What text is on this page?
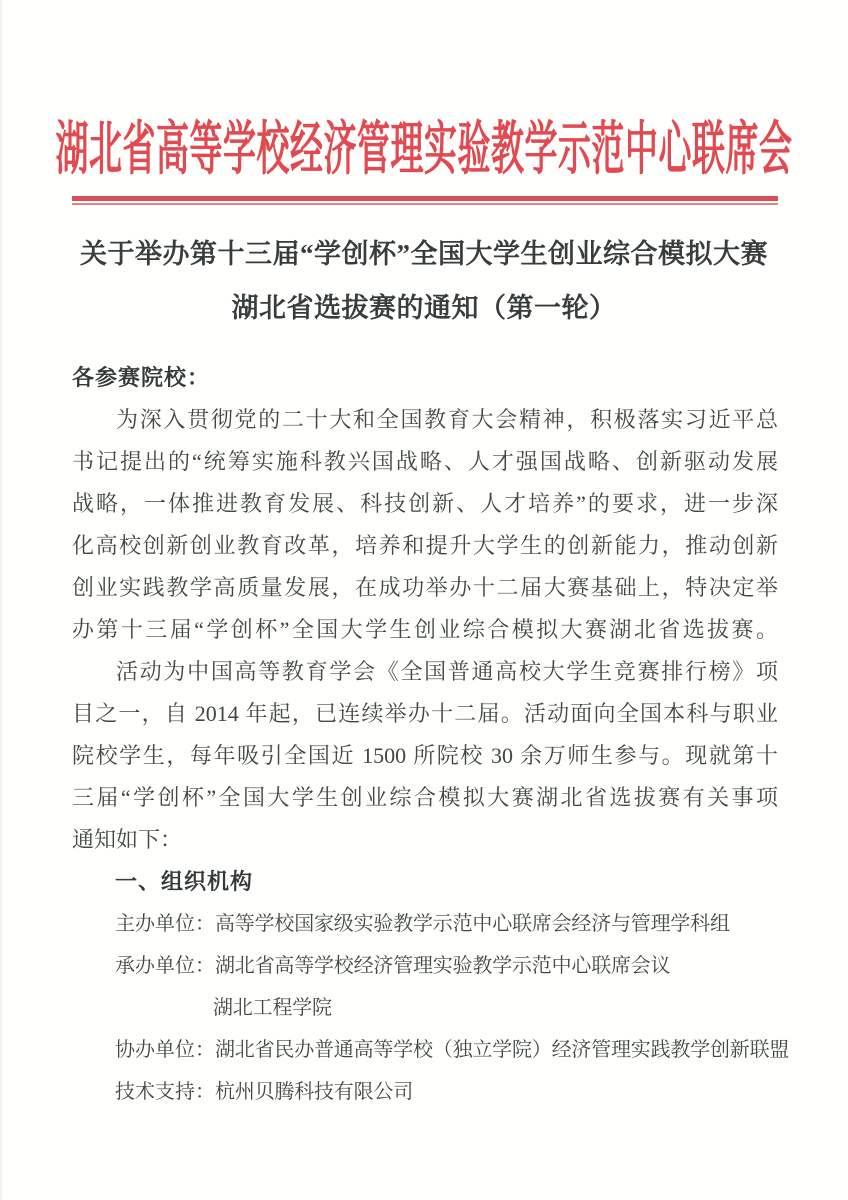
湖北省高等学校经济管理实验教学示范中心联席会
关于举办第十三届“学创杯”全国大学生创业综合模拟大赛
湖北省选拔赛的通知（第一轮）
各参赛院校：
为深入贯彻党的二十大和全国教育大会精神，积极落实习近平总
书记提出的“统筹实施科教兴国战略、人才强国战略、创新驱动发展
战略，一体推进教育发展、科技创新、人才培养”的要求，进一步深
化高校创新创业教育改革，培养和提升大学生的创新能力，推动创新
创业实践教学高质量发展，在成功举办十二届大赛基础上，特决定举
办第十三届“学创杯”全国大学生创业综合模拟大赛湖北省选拔赛。
活动为中国高等教育学会《全国普通高校大学生竞赛排行榜》项
目之一，自 2014 年起，已连续举办十二届。活动面向全国本科与职业
院校学生，每年吸引全国近 1500 所院校 30 余万师生参与。现就第十
三届“学创杯”全国大学生创业综合模拟大赛湖北省选拔赛有关事项
通知如下：
一、组织机构
主办单位：高等学校国家级实验教学示范中心联席会经济与管理学科组
承办单位：湖北省高等学校经济管理实验教学示范中心联席会议
湖北工程学院
协办单位：湖北省民办普通高等学校（独立学院）经济管理实践教学创新联盟
技术支持：杭州贝腾科技有限公司
